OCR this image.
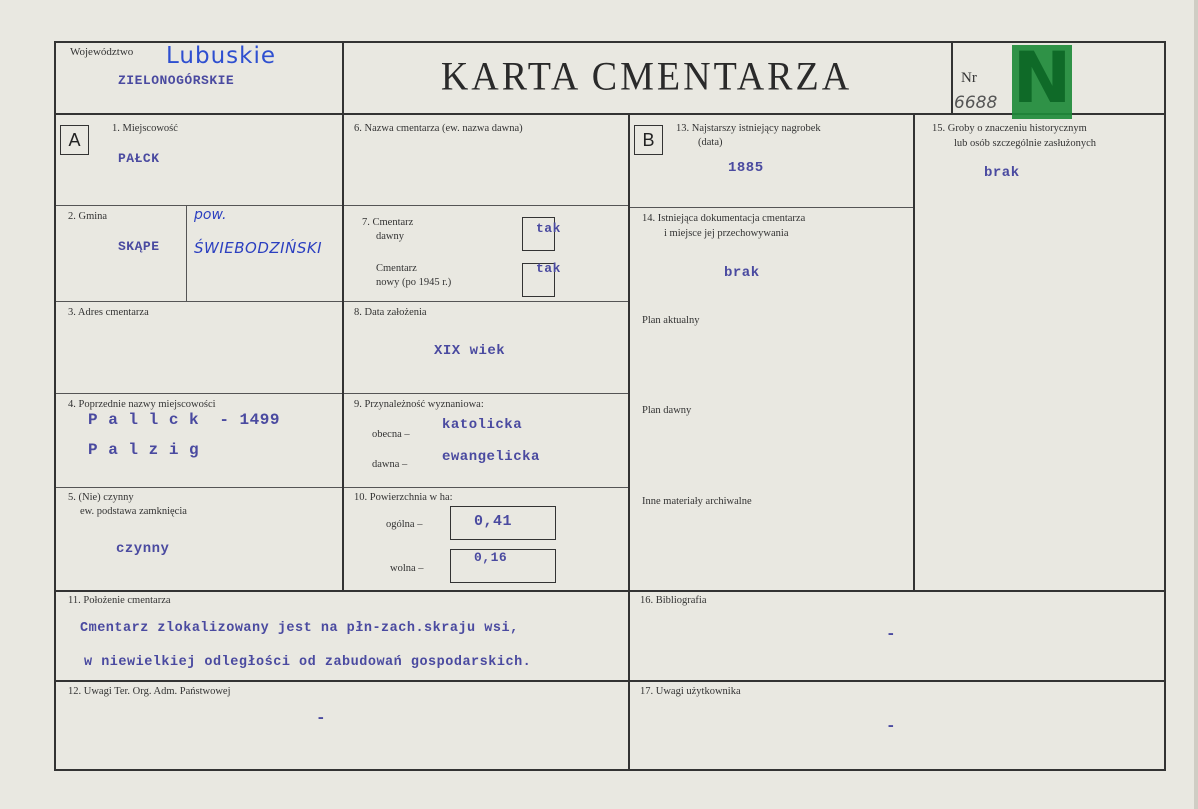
Województwo Lubuskie
ZIELONOGÓRSKIE	KARTA CMENTARZA	Nr
6688 N
A
1. Miejscowość
PAŁCK
2. Gmina
SKĄPE
pow.
ŚWIEBODZIŃSKI
3. Adres cmentarza
4. Poprzednie nazwy miejscowości
P a l l c k  - 1499
P a l z i g
5. (Nie) czynny
ew. podstawa zamknięcia
czynny
6. Nazwa cmentarza (ew. nazwa dawna)
7. Cmentarz
dawny
tak
Cmentarz
nowy (po 1945 r.)
tak
8. Data założenia
XIX wiek
9. Przynależność wyznaniowa:
obecna –
katolicka
dawna – ewangelicka
10. Powierzchnia w ha:
ogólna –	0,41
wolna –
0,16
B
13. Najstarszy istniejący nagrobek
(data)
1885
14. Istniejąca dokumentacja cmentarza
i miejsce jej przechowywania
brak
Plan aktualny
Plan dawny
Inne materiały archiwalne
15. Groby o znaczeniu historycznym
lub osób szczególnie zasłużonych
brak
11. Położenie cmentarza
Cmentarz zlokalizowany jest na płn-zach.skraju wsi,
w niewielkiej odległości od zabudowań gospodarskich.
16. Bibliografia
-
12. Uwagi Ter. Org. Adm. Państwowej
-
17. Uwagi użytkownika
-
